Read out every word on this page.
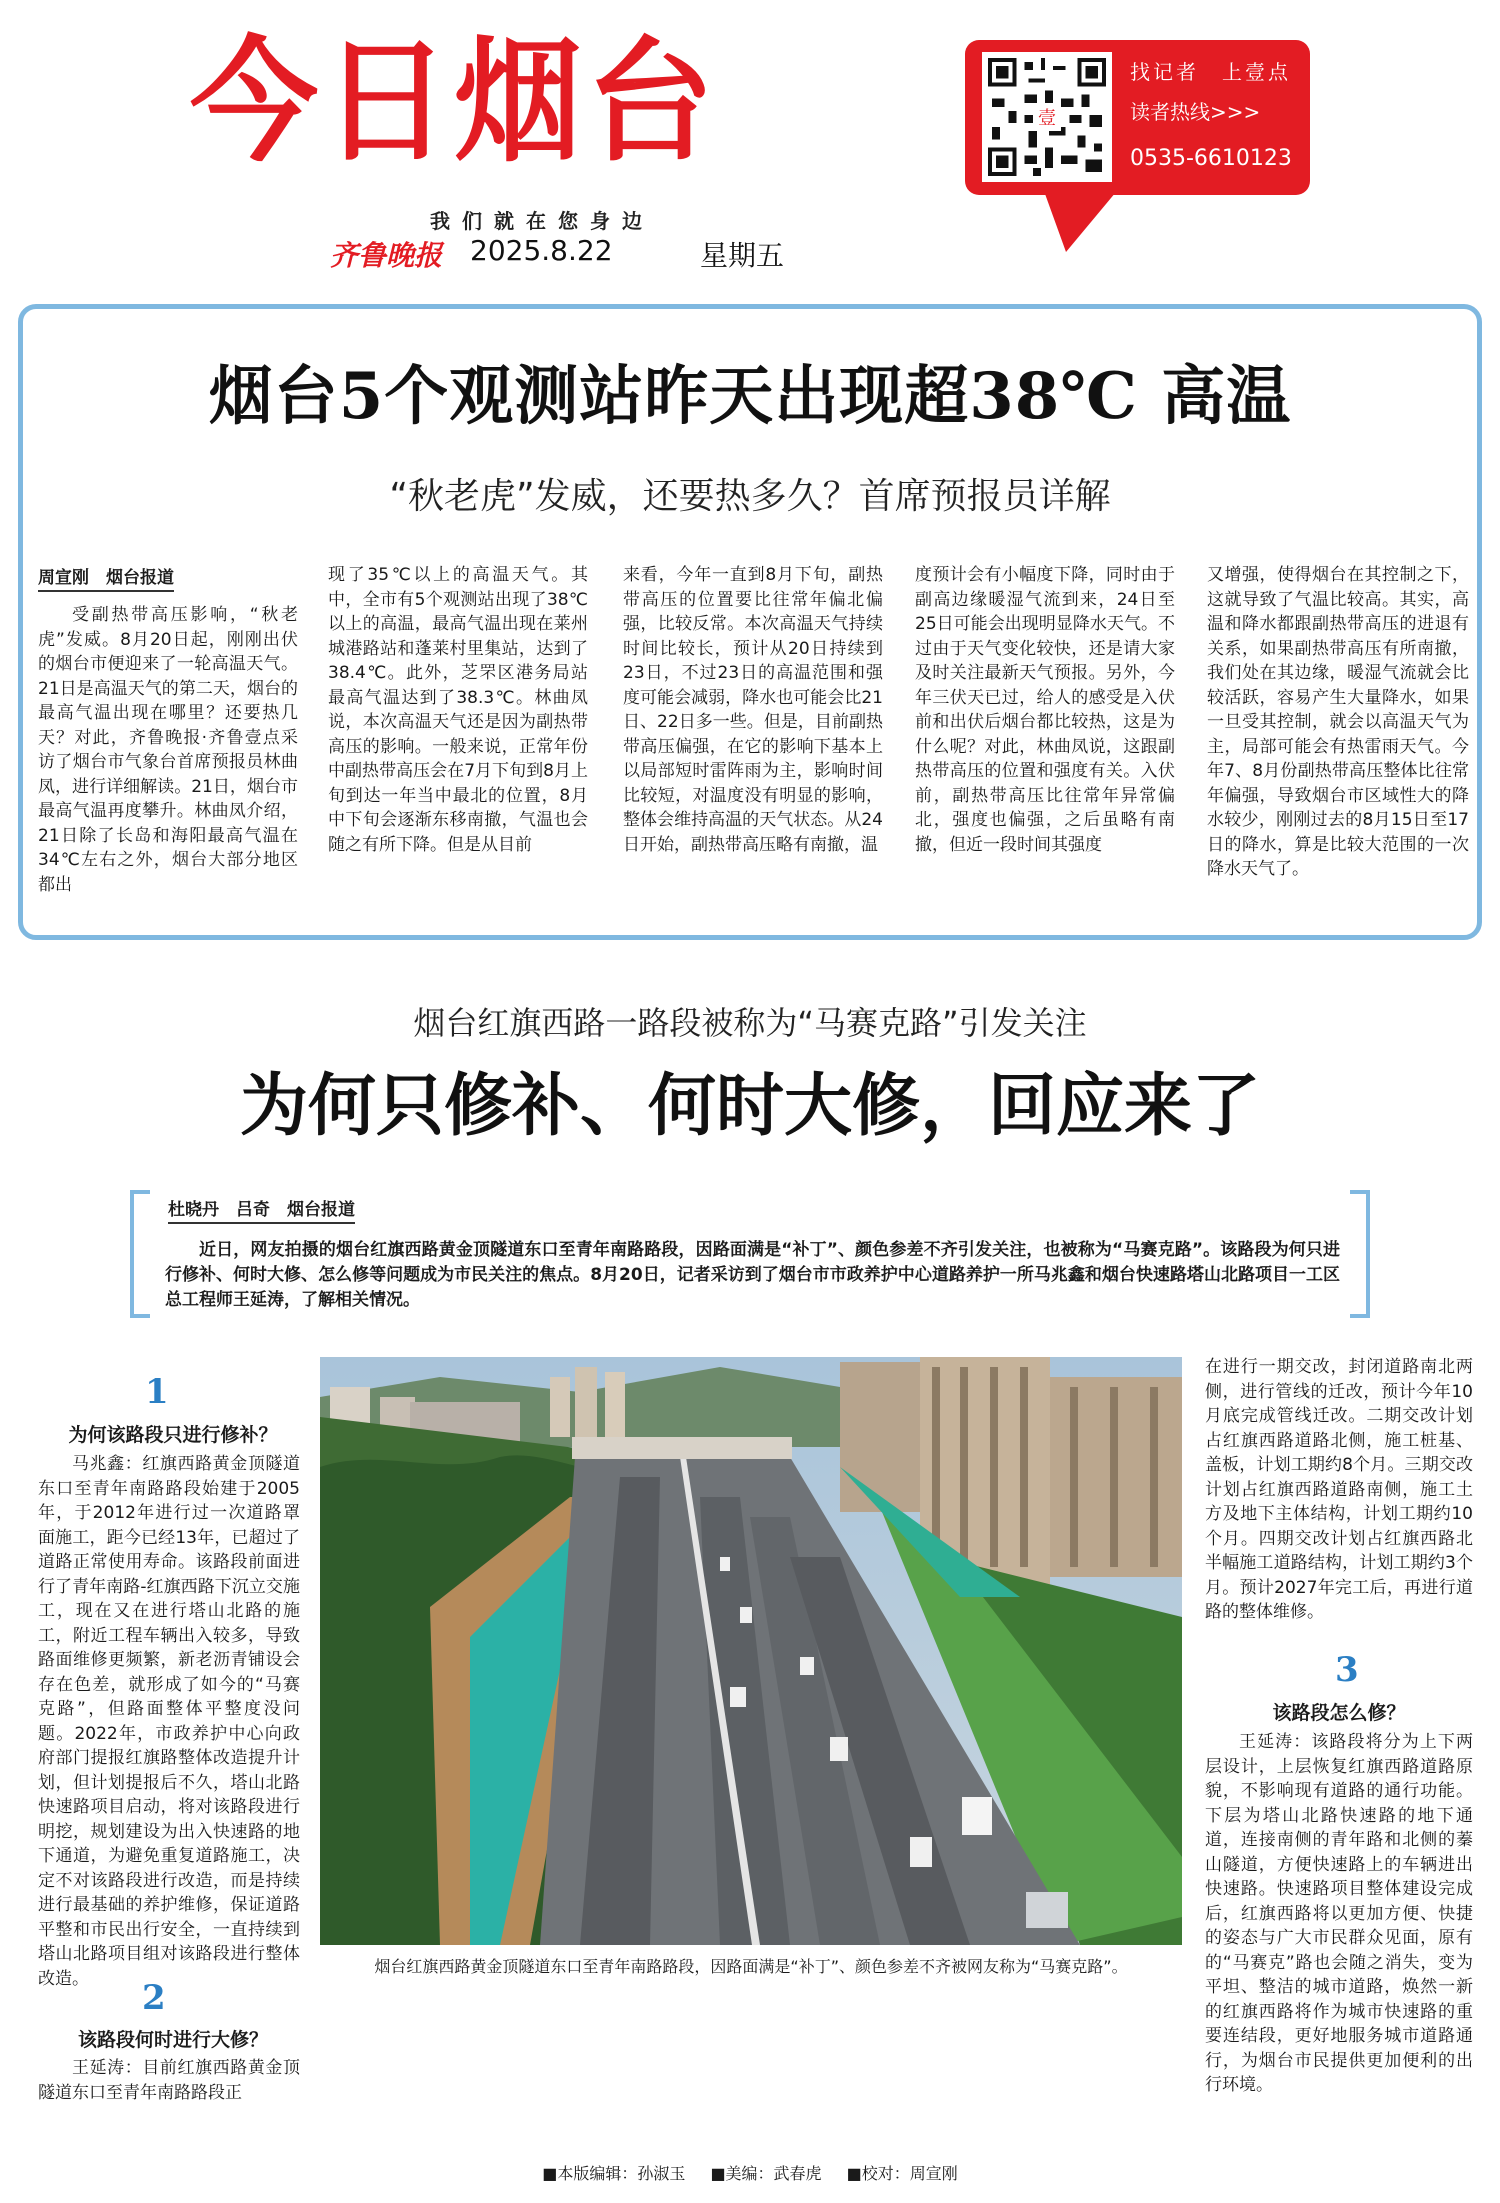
今日烟台
我们就在您身边
齐鲁晚报 2025.8.22	星期五
壹
找记者　上壹点
读者热线>>>
0535-6610123
烟台5个观测站昨天出现超38℃ 高温
“秋老虎”发威，还要热多久？首席预报员详解
周宣刚　烟台报道
受副热带高压影响，“秋老虎”发威。8月20日起，刚刚出伏的烟台市便迎来了一轮高温天气。21日是高温天气的第二天，烟台的最高气温出现在哪里？还要热几天？对此，齐鲁晚报·齐鲁壹点采访了烟台市气象台首席预报员林曲凤，进行详细解读。21日，烟台市最高气温再度攀升。林曲凤介绍，21日除了长岛和海阳最高气温在34℃左右之外，烟台大部分地区都出
现了35℃以上的高温天气。其中，全市有5个观测站出现了38℃以上的高温，最高气温出现在莱州城港路站和蓬莱村里集站，达到了38.4℃。此外，芝罘区港务局站最高气温达到了38.3℃。林曲凤说，本次高温天气还是因为副热带高压的影响。一般来说，正常年份中副热带高压会在7月下旬到8月上旬到达一年当中最北的位置，8月中下旬会逐渐东移南撤，气温也会随之有所下降。但是从目前
来看，今年一直到8月下旬，副热带高压的位置要比往常年偏北偏强，比较反常。本次高温天气持续时间比较长，预计从20日持续到23日，不过23日的高温范围和强度可能会减弱，降水也可能会比21日、22日多一些。但是，目前副热带高压偏强，在它的影响下基本上以局部短时雷阵雨为主，影响时间比较短，对温度没有明显的影响，整体会维持高温的天气状态。从24日开始，副热带高压略有南撤，温
度预计会有小幅度下降，同时由于副高边缘暖湿气流到来，24日至25日可能会出现明显降水天气。不过由于天气变化较快，还是请大家及时关注最新天气预报。另外，今年三伏天已过，给人的感受是入伏前和出伏后烟台都比较热，这是为什么呢？对此，林曲凤说，这跟副热带高压的位置和强度有关。入伏前，副热带高压比往常年异常偏北，强度也偏强，之后虽略有南撤，但近一段时间其强度
又增强，使得烟台在其控制之下，这就导致了气温比较高。其实，高温和降水都跟副热带高压的进退有关系，如果副热带高压有所南撤，我们处在其边缘，暖湿气流就会比较活跃，容易产生大量降水，如果一旦受其控制，就会以高温天气为主，局部可能会有热雷雨天气。今年7、8月份副热带高压整体比往常年偏强，导致烟台市区域性大的降水较少，刚刚过去的8月15日至17日的降水，算是比较大范围的一次降水天气了。
烟台红旗西路一路段被称为“马赛克路”引发关注
为何只修补、何时大修，回应来了
杜晓丹　吕奇　烟台报道
近日，网友拍摄的烟台红旗西路黄金顶隧道东口至青年南路路段，因路面满是“补丁”、颜色参差不齐引发关注，也被称为“马赛克路”。该路段为何只进行修补、何时大修、怎么修等问题成为市民关注的焦点。8月20日，记者采访到了烟台市市政养护中心道路养护一所马兆鑫和烟台快速路塔山北路项目一工区总工程师王延涛，了解相关情况。
1
为何该路段只进行修补？
马兆鑫：红旗西路黄金顶隧道东口至青年南路路段始建于2005年，于2012年进行过一次道路罩面施工，距今已经13年，已超过了道路正常使用寿命。该路段前面进行了青年南路-红旗西路下沉立交施工，现在又在进行塔山北路的施工，附近工程车辆出入较多，导致路面维修更频繁，新老沥青铺设会存在色差，就形成了如今的“马赛克路”，但路面整体平整度没问题。2022年，市政养护中心向政府部门提报红旗路整体改造提升计划，但计划提报后不久，塔山北路快速路项目启动，将对该路段进行明挖，规划建设为出入快速路的地下通道，为避免重复道路施工，决定不对该路段进行改造，而是持续进行最基础的养护维修，保证道路平整和市民出行安全，一直持续到塔山北路项目组对该路段进行整体改造。	2
该路段何时进行大修？
王延涛：目前红旗西路黄金顶隧道东口至青年南路路段正
烟台红旗西路黄金顶隧道东口至青年南路路段，因路面满是“补丁”、颜色参差不齐被网友称为“马赛克路”。
在进行一期交改，封闭道路南北两侧，进行管线的迁改，预计今年10月底完成管线迁改。二期交改计划占红旗西路道路北侧，施工桩基、盖板，计划工期约8个月。三期交改计划占红旗西路道路南侧，施工土方及地下主体结构，计划工期约10个月。四期交改计划占红旗西路北半幅施工道路结构，计划工期约3个月。预计2027年完工后，再进行道路的整体维修。
3
该路段怎么修？
王延涛：该路段将分为上下两层设计，上层恢复红旗西路道路原貌，不影响现有道路的通行功能。下层为塔山北路快速路的地下通道，连接南侧的青年路和北侧的蓁山隧道，方便快速路上的车辆进出快速路。快速路项目整体建设完成后，红旗西路将以更加方便、快捷的姿态与广大市民群众见面，原有的“马赛克”路也会随之消失，变为平坦、整洁的城市道路，焕然一新的红旗西路将作为城市快速路的重要连结段，更好地服务城市道路通行，为烟台市民提供更加便利的出行环境。
■本版编辑：孙淑玉 ■美编：武春虎 ■校对：周宣刚
